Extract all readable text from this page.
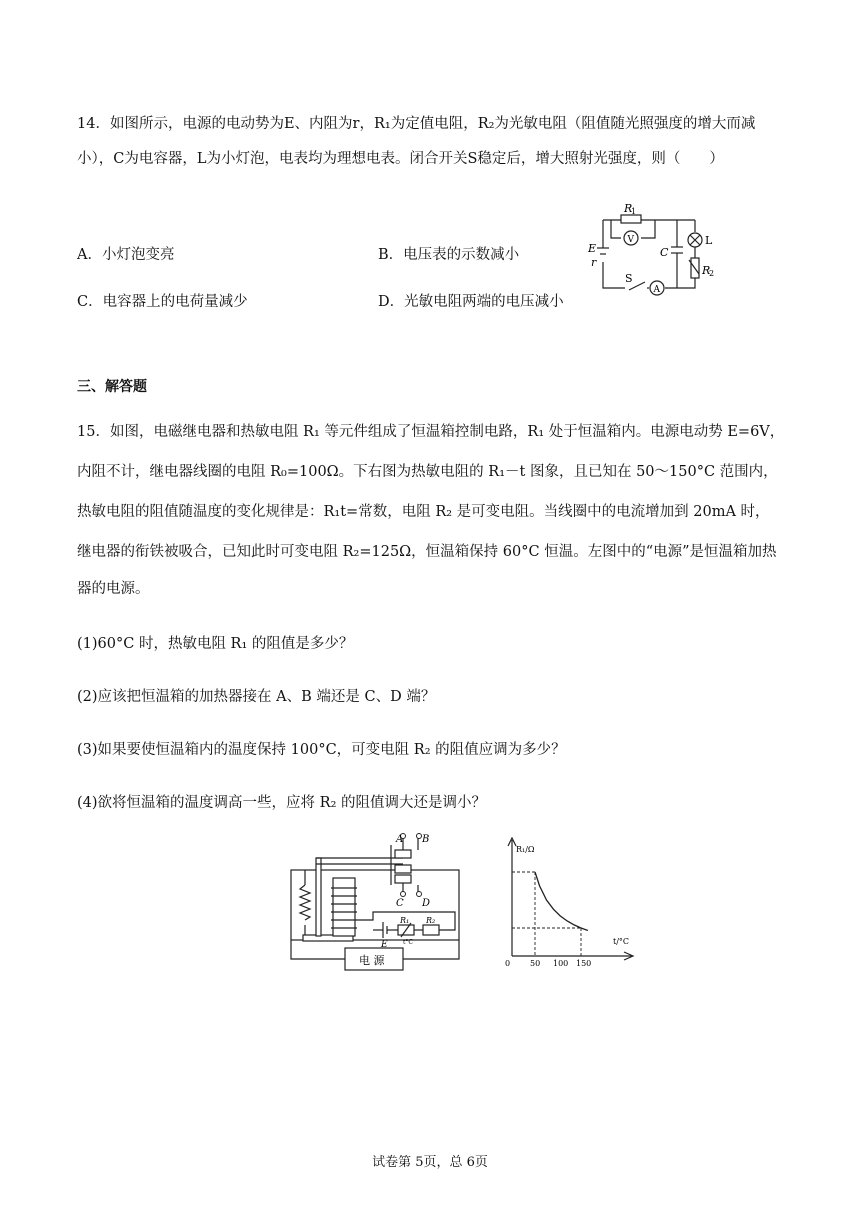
14．如图所示，电源的电动势为E、内阻为r，R₁为定值电阻，R₂为光敏电阻（阻值随光照强度的增大而减
小），C为电容器，L为小灯泡，电表均为理想电表。闭合开关S稳定后，增大照射光强度，则（　　）
A．小灯泡变亮	B．电压表的示数减小
C．电容器上的电荷量减少	D．光敏电阻两端的电压减小
R
1
V
C
L
E
r
S
A
R
2
三、解答题
15．如图，电磁继电器和热敏电阻 R₁ 等元件组成了恒温箱控制电路，R₁ 处于恒温箱内。电源电动势 E=6V，
内阻不计，继电器线圈的电阻 R₀=100Ω。下右图为热敏电阻的 R₁－t 图象，且已知在 50～150°C 范围内，
热敏电阻的阻值随温度的变化规律是：R₁t=常数，电阻 R₂ 是可变电阻。当线圈中的电流增加到 20mA 时，
继电器的衔铁被吸合，已知此时可变电阻 R₂=125Ω，恒温箱保持 60°C 恒温。左图中的“电源”是恒温箱加热
器的电源。
(1)60°C 时，热敏电阻 R₁ 的阻值是多少？
(2)应该把恒温箱的加热器接在 A、B 端还是 C、D 端？
(3)如果要使恒温箱内的温度保持 100°C，可变电阻 R₂ 的阻值应调为多少？
(4)欲将恒温箱的温度调高一些，应将 R₂ 的阻值调大还是调小？
A B
C D
E
R₁ R₂
t°C
电 源	50 100 150
R₁/Ω
t/°C
0
试卷第 5页，总 6页
